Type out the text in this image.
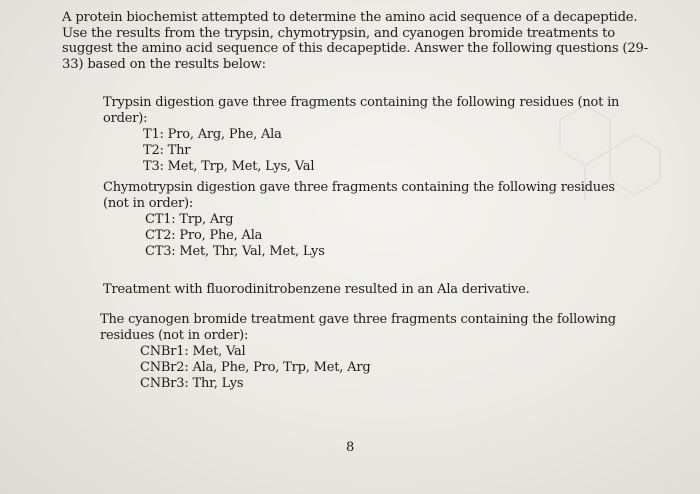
A protein biochemist attempted to determine the amino acid sequence of a decapeptide. Use the results from the trypsin, chymotrypsin, and cyanogen bromide treatments to suggest the amino acid sequence of this decapeptide. Answer the following questions (29-33) based on the results below:
Trypsin digestion gave three fragments containing the following residues (not in order):
T1: Pro, Arg, Phe, Ala
T2: Thr
T3: Met, Trp, Met, Lys, Val
Chymotrypsin digestion gave three fragments containing the following residues (not in order):
CT1: Trp, Arg
CT2: Pro, Phe, Ala
CT3: Met, Thr, Val, Met, Lys
Treatment with fluorodinitrobenzene resulted in an Ala derivative.
The cyanogen bromide treatment gave three fragments containing the following residues (not in order):
CNBr1: Met, Val
CNBr2: Ala, Phe, Pro, Trp, Met, Arg
CNBr3: Thr, Lys
8
